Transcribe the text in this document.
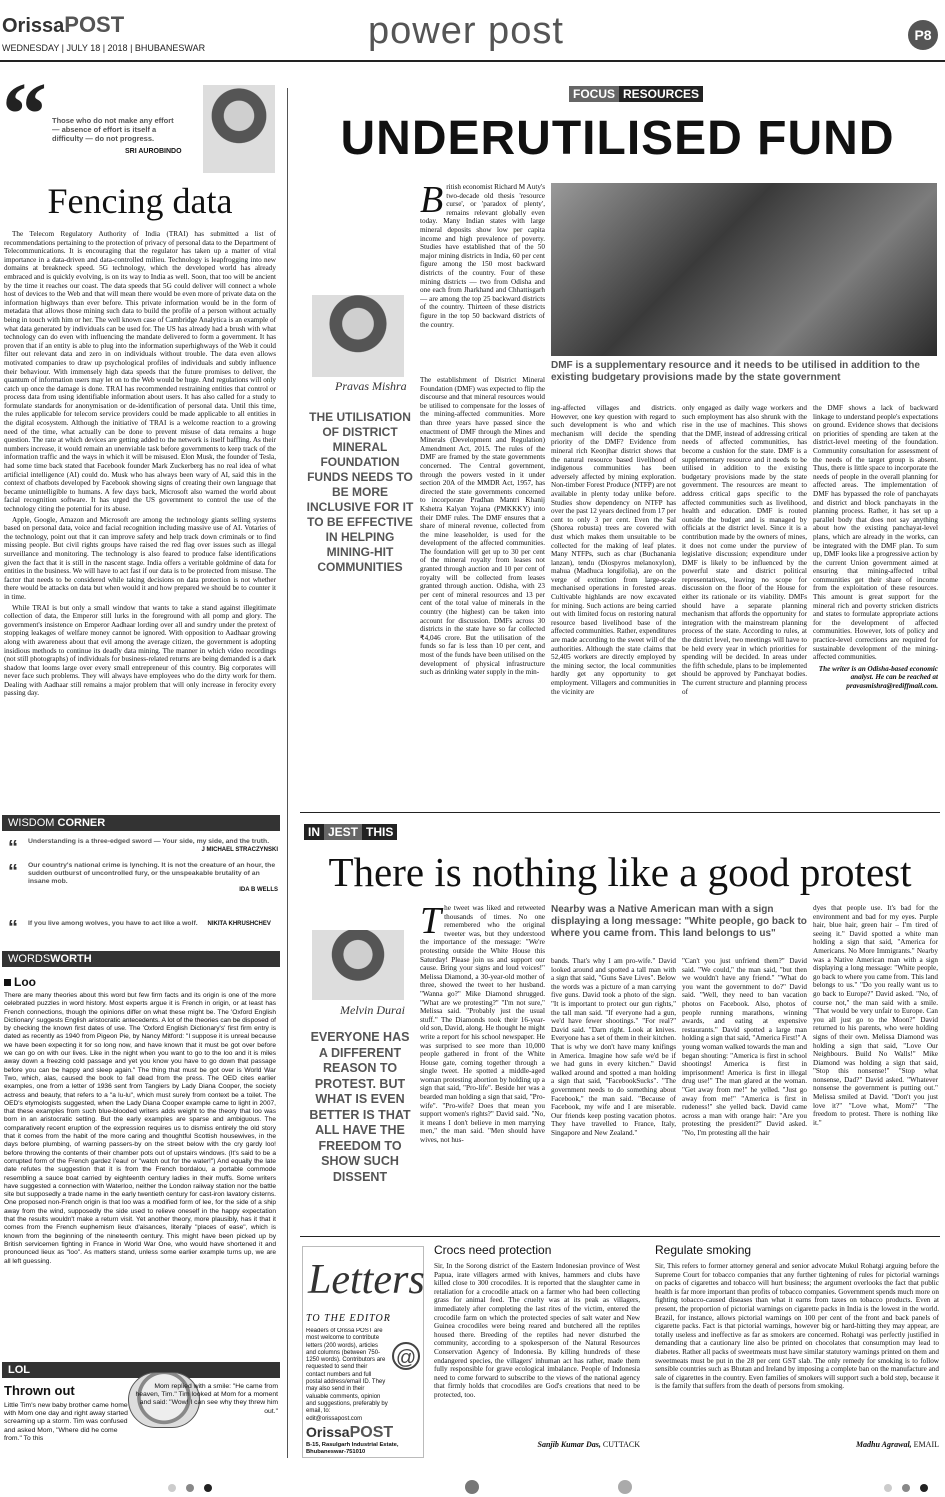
OrissaPOST
WEDNESDAY | JULY 18 | 2018 | BHUBANESWAR	power post	P8
“ Those who do not make any effort — absence of effort is itself a difficulty — do not progress.
SRI AUROBINDO
Fencing data

The Telecom Regulatory Authority of India (TRAI) has submitted a list of recommendations pertaining to the protection of privacy of personal data to the Department of Telecommunications. It is encouraging that the regulator has taken up a matter of vital importance in a data-driven and data-controlled milieu. Technology is leapfrogging into new domains at breakneck speed. 5G technology, which the developed world has already embraced and is quickly evolving, is on its way to India as well. Soon, that too will be ancient by the time it reaches our coast. The data speeds that 5G could deliver will connect a whole host of devices to the Web and that will mean there would be even more of private data on the information highways than ever before. This private information would be in the form of metadata that allows those mining such data to build the profile of a person without actually being in touch with him or her. The well known case of Cambridge Analytica is an example of what data generated by individuals can be used for. The US has already had a brush with what technology can do even with influencing the mandate delivered to form a government. It has proven that if an entity is able to plug into the information superhighways of the Web it could filter out relevant data and zero in on individuals without trouble. The data even allows motivated companies to draw up psychological profiles of individuals and subtly influence their behaviour. With immensely high data speeds that the future promises to deliver, the quantum of information users may let on to the Web would be huge. And regulations will only catch up once the damage is done. TRAI has recommended restraining entities that control or process data from using identifiable information about users. It has also called for a study to formulate standards for anonymisation or de-identification of personal data. Until this time, the rules applicable for telecom service providers could be made applicable to all entities in the digital ecosystem. Although the initiative of TRAI is a welcome reaction to a growing need of the time, what actually can be done to prevent misuse of data remains a huge question. The rate at which devices are getting added to the network is itself baffling. As their numbers increase, it would remain an unenviable task before governments to keep track of the information traffic and the ways in which it will be misused. Elon Musk, the founder of Tesla, had some time back stated that Facebook founder Mark Zuckerberg has no real idea of what artificial intelligence (AI) could do. Musk who has always been wary of AI, said this in the context of chatbots developed by Facebook showing signs of creating their own language that became unintelligible to humans. A few days back, Microsoft also warned the world about facial recognition software. It has urged the US government to control the use of the technology citing the potential for its abuse.

Apple, Google, Amazon and Microsoft are among the technology giants selling systems based on personal data, voice and facial recognition including massive use of AI. Votaries of the technology, point out that it can improve safety and help track down criminals or to find missing people. But civil rights groups have raised the red flag over issues such as illegal surveillance and monitoring. The technology is also feared to produce false identifications given the fact that it is still in the nascent stage. India offers a veritable goldmine of data for entities in the business. We will have to act fast if our data is to be protected from misuse. The factor that needs to be considered while taking decisions on data protection is not whether there would be attacks on data but when would it and how prepared we should be to counter it in time.

While TRAI is but only a small window that wants to take a stand against illegitimate collection of data, the Emperor still lurks in the foreground with all pomp and glory. The government's insistence on Emperor Aadhaar lording over all and sundry under the pretext of stopping leakages of welfare money cannot be ignored. With opposition to Aadhaar growing along with awareness about that evil among the average citizen, the government is adopting insidious methods to continue its deadly data mining. The manner in which video recordings (not still photographs) of individuals for business-related returns are being demanded is a dark shadow that looms large over every small entrepreneur of this country. Big corporates will never face such problems. They will always have employees who do the dirty work for them. Dealing with Aadhaar still remains a major problem that will only increase in ferocity every passing day.

WISDOM CORNER
“ Understanding is a three-edged sword — Your side, my side, and the truth.
J MICHAEL STRACZYNSKI
“ Our country's national crime is lynching. It is not the creature of an hour, the sudden outburst of uncontrolled fury, or the unspeakable brutality of an insane mob.
IDA B WELLS
“ If you live among wolves, you have to act like a wolf. NIKITA KHRUSHCHEV
WORDSWORTH
Loo
There are many theories about this word but few firm facts and its origin is one of the more celebrated puzzles in word history. Most experts argue it is French in origin, or at least has French connections, though the opinions differ on what these might be. The 'Oxford English Dictionary' suggests English aristocratic antecedents. A lot of the theories can be disposed of by checking the known first dates of use. The 'Oxford English Dictionary's' first firm entry is dated as recently as 1940 from Pigeon Pie, by Nancy Mitford: "I suppose it is unreal because we have been expecting it for so long now, and have known that it must be got over before we can go on with our lives. Like in the night when you want to go to the loo and it is miles away down a freezing cold passage and yet you know you have to go down that passage before you can be happy and sleep again." The thing that must be got over is World War Two, which, alas, caused the book to fall dead from the press. The OED cites earlier examples, one from a letter of 1936 sent from Tangiers by Lady Diana Cooper, the society actress and beauty, that refers to a "a lu-lu", which must surely from context be a toilet. The OED's etymologists suggested, when the Lady Diana Cooper example came to light in 2007, that these examples from such blue-blooded writers adds weight to the theory that loo was born in an aristocratic setting. But the early examples are sparse and ambiguous. The comparatively recent eruption of the expression requires us to dismiss entirely the old story that it comes from the habit of the more caring and thoughtful Scottish housewives, in the days before plumbing, of warning passers-by on the street below with the cry gardy loo! before throwing the contents of their chamber pots out of upstairs windows. (It's said to be a corrupted form of the French gardez l'eau! or "watch out for the water!") And equally the late date refutes the suggestion that it is from the French bordalou, a portable commode resembling a sauce boat carried by eighteenth century ladies in their muffs. Some writers have suggested a connection with Waterloo, neither the London railway station nor the battle site but supposedly a trade name in the early twentieth century for cast-iron lavatory cisterns. One proposed non-French origin is that loo was a modified form of lee, for the side of a ship away from the wind, supposedly the side used to relieve oneself in the happy expectation that the results wouldn't make a return visit. Yet another theory, more plausibly, has it that it comes from the French euphemism lieux d'aisances, literally "places of ease", which is known from the beginning of the nineteenth century. This might have been picked up by British servicemen fighting in France in World War One, who would have shortened it and pronounced lieux as "loo". As matters stand, unless some earlier example turns up, we are all left guessing.
LOL
Thrown out
Little Tim's new baby brother came home with Mom one day and right away started screaming up a storm. Tim was confused and asked Mom, "Where did he come from." To this
Mom replied with a smile: "He came from heaven, Tim." Tim looked at Mom for a moment and said: "Wow! I can see why they threw him out."
FOCUS RESOURCES
UNDERUTILISED FUND
British economist Richard M Auty's two-decade old thesis 'resource curse', or 'paradox of plenty', remains relevant globally even today. Many Indian states with large mineral deposits show low per capita income and high prevalence of poverty. Studies have established that of the 50 major mining districts in India, 60 per cent figure among the 150 most backward districts of the country. Four of these mining districts — two from Odisha and one each from Jharkhand and Chhattisgarh — are among the top 25 backward districts of the country. Thirteen of these districts figure in the top 50 backward districts of the country.
Pravas Mishra
THE UTILISATION OF DISTRICT MINERAL FOUNDATION FUNDS NEEDS TO BE MORE INCLUSIVE FOR IT TO BE EFFECTIVE IN HELPING MINING-HIT COMMUNITIES
DMF is a supplementary resource and it needs to be utilised in addition to the existing budgetary provisions made by the state government
The establishment of District Mineral Foundation (DMF) was expected to flip the discourse and that mineral resources would be utilised to compensate for the losses of the mining-affected communities. More than three years have passed since the enactment of DMF through the Mines and Minerals (Development and Regulation) Amendment Act, 2015. The rules of the DMF are framed by the state governments concerned. The Central government, through the powers vested in it under section 20A of the MMDR Act, 1957, has directed the state governments concerned to incorporate Pradhan Mantri Khanij Kshetra Kalyan Yojana (PMKKKY) into their DMF rules. The DMF ensures that a share of mineral revenue, collected from the mine leaseholder, is used for the development of the affected communities. The foundation will get up to 30 per cent of the mineral royalty from leases not granted through auction and 10 per cent of royalty will be collected from leases granted through auction. Odisha, with 23 per cent of mineral resources and 13 per cent of the total value of minerals in the country (the highest) can be taken into account for discussion. DMFs across 30 districts in the state have so far collected ₹4,046 crore. But the utilisation of the funds so far is less than 10 per cent, and most of the funds have been utilised on the development of physical infrastructure such as drinking water supply in the min-
ing-affected villages and districts. However, one key question with regard to such development is who and which mechanism will decide the spending priority of the DMF? Evidence from mineral rich Keonjhar district shows that the natural resource based livelihood of indigenous communities has been adversely affected by mining exploration. Non-timber Forest Produce (NTFP) are not available in plenty today unlike before. Studies show dependency on NTFP has over the past 12 years declined from 17 per cent to only 3 per cent. Even the Sal (Shorea robusta) trees are covered with dust which makes them unsuitable to be collected for the making of leaf plates. Many NTFPs, such as char (Buchanania lanzan), tendu (Diospyros melanoxylon), mahua (Madhuca longifolia), are on the verge of extinction from large-scale mechanised operations in forested areas. Cultivable highlands are now excavated for mining. Such actions are being carried out with limited focus on restoring natural resource based livelihood base of the affected communities. Rather, expenditures are made according to the sweet will of the authorities. Although the state claims that 52,405 workers are directly employed by the mining sector, the local communities hardly get any opportunity to get employment. Villagers and communities in the vicinity are
only engaged as daily wage workers and such employment has also shrunk with the rise in the use of machines. This shows that the DMF, instead of addressing critical needs of affected communities, has become a cushion for the state. DMF is a supplementary resource and it needs to be utilised in addition to the existing budgetary provisions made by the state government. The resources are meant to address critical gaps specific to the affected communities such as livelihood, health and education. DMF is routed outside the budget and is managed by officials at the district level. Since it is a contribution made by the owners of mines, it does not come under the purview of legislative discussion; expenditure under DMF is likely to be influenced by the powerful state and district political representatives, leaving no scope for discussion on the floor of the House for either its rationale or its viability. DMFs should have a separate planning mechanism that affords the opportunity for integration with the mainstream planning process of the state. According to rules, at the district level, two meetings will have to be held every year in which priorities for spending will be decided. In areas under the fifth schedule, plans to be implemented should be approved by Panchayat bodies. The current structure and planning process of
the DMF shows a lack of backward linkage to understand people's expectations on ground. Evidence shows that decisions on priorities of spending are taken at the district-level meeting of the foundation. Community consultation for assessment of the needs of the target group is absent. Thus, there is little space to incorporate the needs of people in the overall planning for affected areas. The implementation of DMF has bypassed the role of panchayats and district and block panchayats in the planning process. Rather, it has set up a parallel body that does not say anything about how the existing panchayat-level plans, which are already in the works, can be integrated with the DMF plan. To sum up, DMF looks like a progressive action by the current Union government aimed at ensuring that mining-affected tribal communities get their share of income from the exploitation of these resources. This amount is great support for the mineral rich and poverty stricken districts and states to formulate appropriate actions for the development of affected communities. However, lots of policy and practice-level corrections are required for sustainable development of the mining-affected communities.
The writer is an Odisha-based economic analyst. He can be reached at pravasmishra@rediffmail.com.
IN JEST THIS
There is nothing like a good protest
Melvin Durai
EVERYONE HAS A DIFFERENT REASON TO PROTEST. BUT WHAT IS EVEN BETTER IS THAT ALL HAVE THE FREEDOM TO SHOW SUCH DISSENT
The tweet was liked and retweeted thousands of times. No one remembered who the original tweeter was, but they understood the importance of the message: "We're protesting outside the White House this Saturday! Please join us and support our cause. Bring your signs and loud voices!" Melissa Diamond, a 30-year-old mother of three, showed the tweet to her husband. "Wanna go?" Mike Diamond shrugged. "What are we protesting?" "I'm not sure," Melissa said. "Probably just the usual stuff." The Diamonds took their 16-year-old son, David, along. He thought he might write a report for his school newspaper. He was surprised to see more than 10,000 people gathered in front of the White House gate, coming together through a single tweet. He spotted a middle-aged woman protesting abortion by holding up a sign that said, "Pro-life". Beside her was a bearded man holding a sign that said, "Pro-wife". "Pro-wife? Does that mean you support women's rights?" David said. "No, it means I don't believe in men marrying men," the man said. "Men should have wives, not hus-
Nearby was a Native American man with a sign displaying a long message: "White people, go back to where you came from. This land belongs to us"
bands. That's why I am pro-wife." David looked around and spotted a tall man with a sign that said, "Guns Save Lives". Below the words was a picture of a man carrying five guns. David took a photo of the sign. "It is important to protect our gun rights," the tall man said. "If everyone had a gun, we'd have fewer shootings." "For real?" David said. "Darn right. Look at knives. Everyone has a set of them in their kitchen. That is why we don't have many knifings in America. Imagine how safe we'd be if we had guns in every kitchen." David walked around and spotted a man holding a sign that said, "FacebookSucks". "The government needs to do something about Facebook," the man said. "Because of Facebook, my wife and I are miserable. Our friends keep posting vacation photos. They have travelled to France, Italy, Singapore and New Zealand."
"Can't you just unfriend them?" David said. "We could," the man said, "but then we wouldn't have any friend." "What do you want the government to do?" David said. "Well, they need to ban vacation photos on Facebook. Also, photos of people running marathons, winning awards, and eating at expensive restaurants." David spotted a large man holding a sign that said, "America First!" A young woman walked towards the man and began shouting: "America is first in school shootings! America is first in imprisonment! America is first in illegal drug use!" The man glared at the woman. "Get away from me!" he yelled. "Just go away from me!" "America is first in rudeness!" she yelled back. David came across a man with orange hair: "Are you protesting the president?" David asked. "No, I'm protesting all the hair
dyes that people use. It's bad for the environment and bad for my eyes. Purple hair, blue hair, green hair – I'm tired of seeing it." David spotted a white man holding a sign that said, "America for Americans. No More Immigrants." Nearby was a Native American man with a sign displaying a long message: "White people, go back to where you came from. This land belongs to us." "Do you really want us to go back to Europe?" David asked. "No, of course not," the man said with a smile. "That would be very unfair to Europe. Can you all just go to the Moon?" David returned to his parents, who were holding signs of their own. Melissa Diamond was holding a sign that said, "Love Our Neighbours. Build No Walls!" Mike Diamond was holding a sign that said, "Stop this nonsense!" "Stop what nonsense, Dad?" David asked. "Whatever nonsense the government is putting out." Melissa smiled at David. "Don't you just love it?" "Love what, Mom?" "The freedom to protest. There is nothing like it."
Letters
TO THE EDITOR
Readers of Orissa POST are most welcome to contribute letters (200 words), articles and columns (between 750-1250 words). Contributors are requested to send their contact numbers and full postal address/email ID. They may also send in their valuable comments, opinion and suggestions, preferably by email, to: edit@orissapost.com
@
OrissaPOST
B-15, Rasulgarh Industrial Estate, Bhubaneswar-751010
Crocs need protection
Sir, In the Sorong district of the Eastern Indonesian province of West Papua, irate villagers armed with knives, hammers and clubs have killed close to 300 crocodiles. It is reported that the slaughter came in retaliation for a crocodile attack on a farmer who had been collecting grass for animal feed. The cruelty was at its peak as villagers, immediately after completing the last rites of the victim, entered the crocodile farm on which the protected species of salt water and New Guinea crocodiles were being reared and butchered all the reptiles housed there. Breeding of the reptiles had never disturbed the community, according to a spokesperson of the Natural Resources Conservation Agency of Indonesia. By killing hundreds of these endangered species, the villagers' inhuman act has rather, made them fully responsible for grave ecological imbalance. People of Indonesia need to come forward to subscribe to the views of the national agency that firmly holds that crocodiles are God's creations that need to be protected, too.
Sanjib Kumar Das, CUTTACK
Regulate smoking
Sir, This refers to former attorney general and senior advocate Mukul Rohatgi arguing before the Supreme Court for tobacco companies that any further tightening of rules for pictorial warnings on packs of cigarettes and tobacco will hurt business; the argument overlooks the fact that public health is far more important than profits of tobacco companies. Government spends much more on fighting tobacco-caused diseases than what it earns from taxes on tobacco products. Even at present, the proportion of pictorial warnings on cigarette packs in India is the lowest in the world. Brazil, for instance, allows pictorial warnings on 100 per cent of the front and back panels of cigarette packs. Fact is that pictorial warnings, however big or hard-hitting they may appear, are totally useless and ineffective as far as smokers are concerned. Rohatgi was perfectly justified in demanding that a cautionary line also be printed on chocolates that consumption may lead to diabetes. Rather all packs of sweetmeats must have similar statutory warnings printed on them and sweetmeats must be put in the 28 per cent GST slab. The only remedy for smoking is to follow sensible countries such as Bhutan and Ireland by imposing a complete ban on the manufacture and sale of cigarettes in the country. Even families of smokers will support such a bold step, because it is the family that suffers from the death of persons from smoking.
Madhu Agrawal, EMAIL
